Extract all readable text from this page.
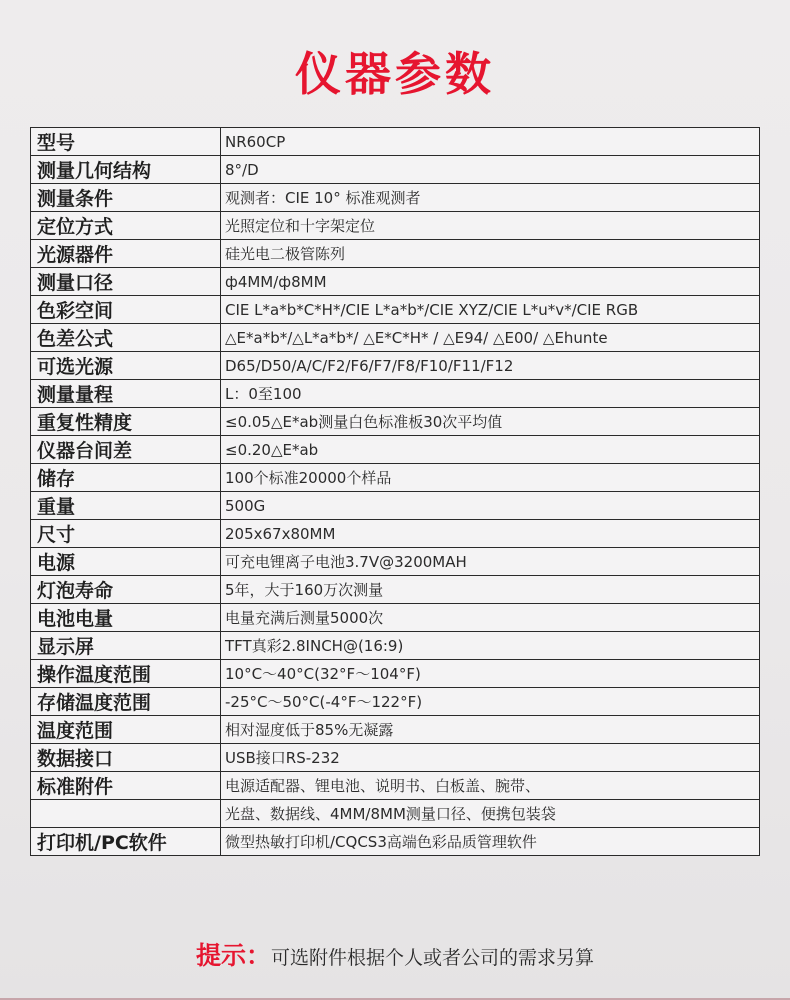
仪器参数
型号	NR60CP
测量几何结构	8°/D
测量条件	观测者：CIE 10° 标准观测者
定位方式	光照定位和十字架定位
光源器件	硅光电二极管陈列
测量口径	ф4MM/ф8MM
色彩空间	CIE L*a*b*C*H*/CIE L*a*b*/CIE XYZ/CIE L*u*v*/CIE RGB
色差公式	△E*a*b*/△L*a*b*/ △E*C*H* / △E94/ △E00/ △Ehunte
可选光源	D65/D50/A/C/F2/F6/F7/F8/F10/F11/F12
测量量程	L：0至100
重复性精度	≤0.05△E*ab测量白色标准板30次平均值
仪器台间差	≤0.20△E*ab
储存	100个标准20000个样品
重量	500G
尺寸	205x67x80MM
电源	可充电锂离子电池3.7V@3200MAH
灯泡寿命	5年，大于160万次测量
电池电量	电量充满后测量5000次
显示屏	TFT真彩2.8INCH@(16:9)
操作温度范围	10°C～40°C(32°F～104°F)
存储温度范围	-25°C～50°C(-4°F～122°F)
温度范围	相对湿度低于85%无凝露
数据接口	USB接口RS-232
标准附件	电源适配器、锂电池、说明书、白板盖、腕带、
	光盘、数据线、4MM/8MM测量口径、便携包装袋
打印机/PC软件	微型热敏打印机/CQCS3高端色彩品质管理软件
提示：可选附件根据个人或者公司的需求另算
